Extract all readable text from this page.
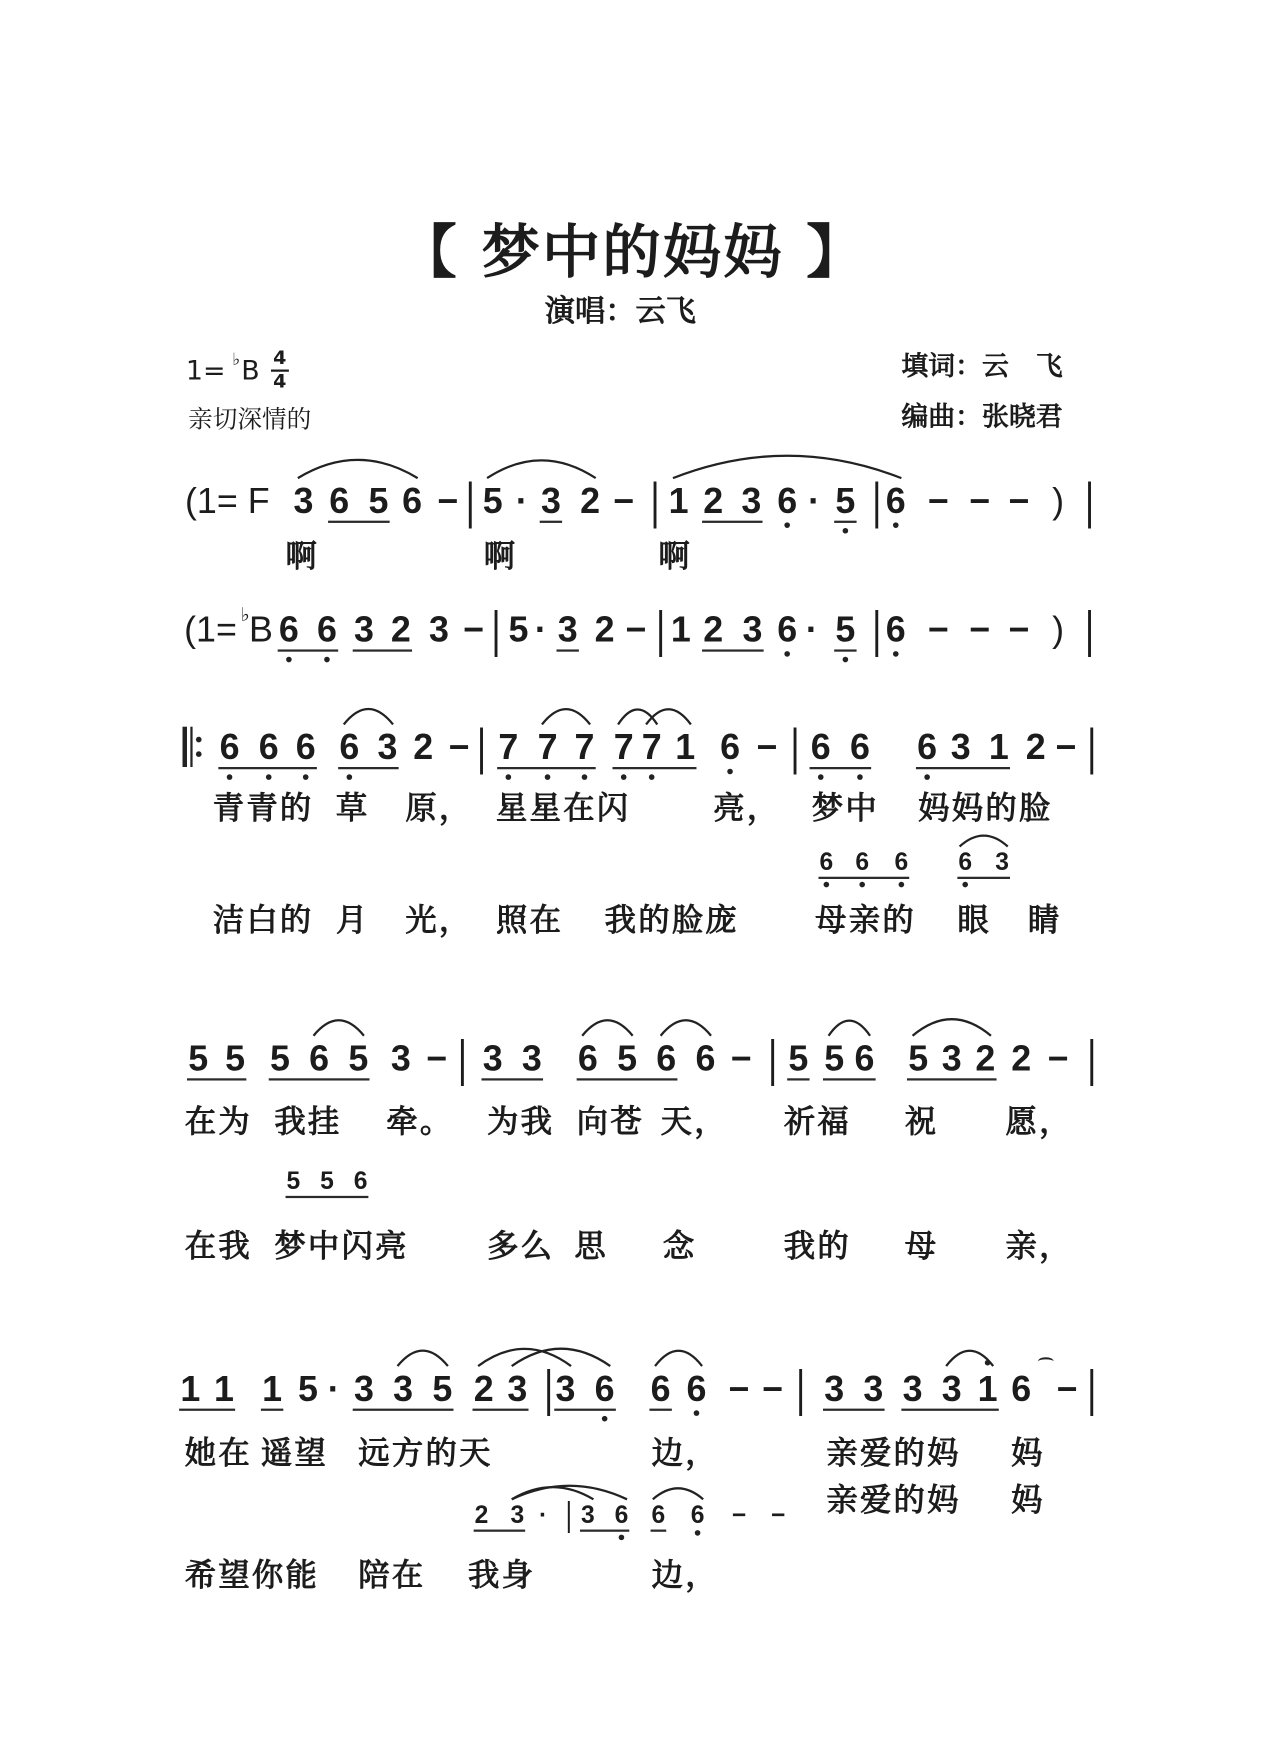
【 梦中的妈妈 】
演唱：云飞
1= ♭ B $\frac{4}{4}$
亲切深情的
填词：云　飞
编曲：张晓君
(1= F 3 6 5 6 − | 5 · 3 2 − | 1 2 3 6 · 5 | 6 − − − ) |
啊	啊	啊
(1= ♭ B 6 6 3 2 3 − | 5 · 3 2 − | 1 2 3 6 · 5 | 6 − − − ) |
6 6 6 6 3 2 − | 7 7 7 7 7 1 6 − | 6 6 6 3 1 2 − |
青青的 草 原， 星星在闪	亮， 梦中 妈妈的脸
6 6 6 6 3
洁白的 月 光， 照在 我的脸庞	母亲的 眼 睛
5 5 5 6 5 3 − | 3 3 6 5 6 6 − | 5 5 6 5 3 2 2 − |
在为 我挂 牵。 为我 向苍 天， 祈福 祝 愿，
5 5 6
在我 梦中闪亮	多么 思 念	我的 母 亲，
1 1 1 5 · 3 3 5 2 3 | 3 6 6 6 − − | 3 3 3 3 1 6 − |
她在 遥望 远方的天	边，	亲爱的妈 妈
2 3 · | 3 6 6 6 − − 亲爱的妈 妈
希望你能 陪在 我身	边，
